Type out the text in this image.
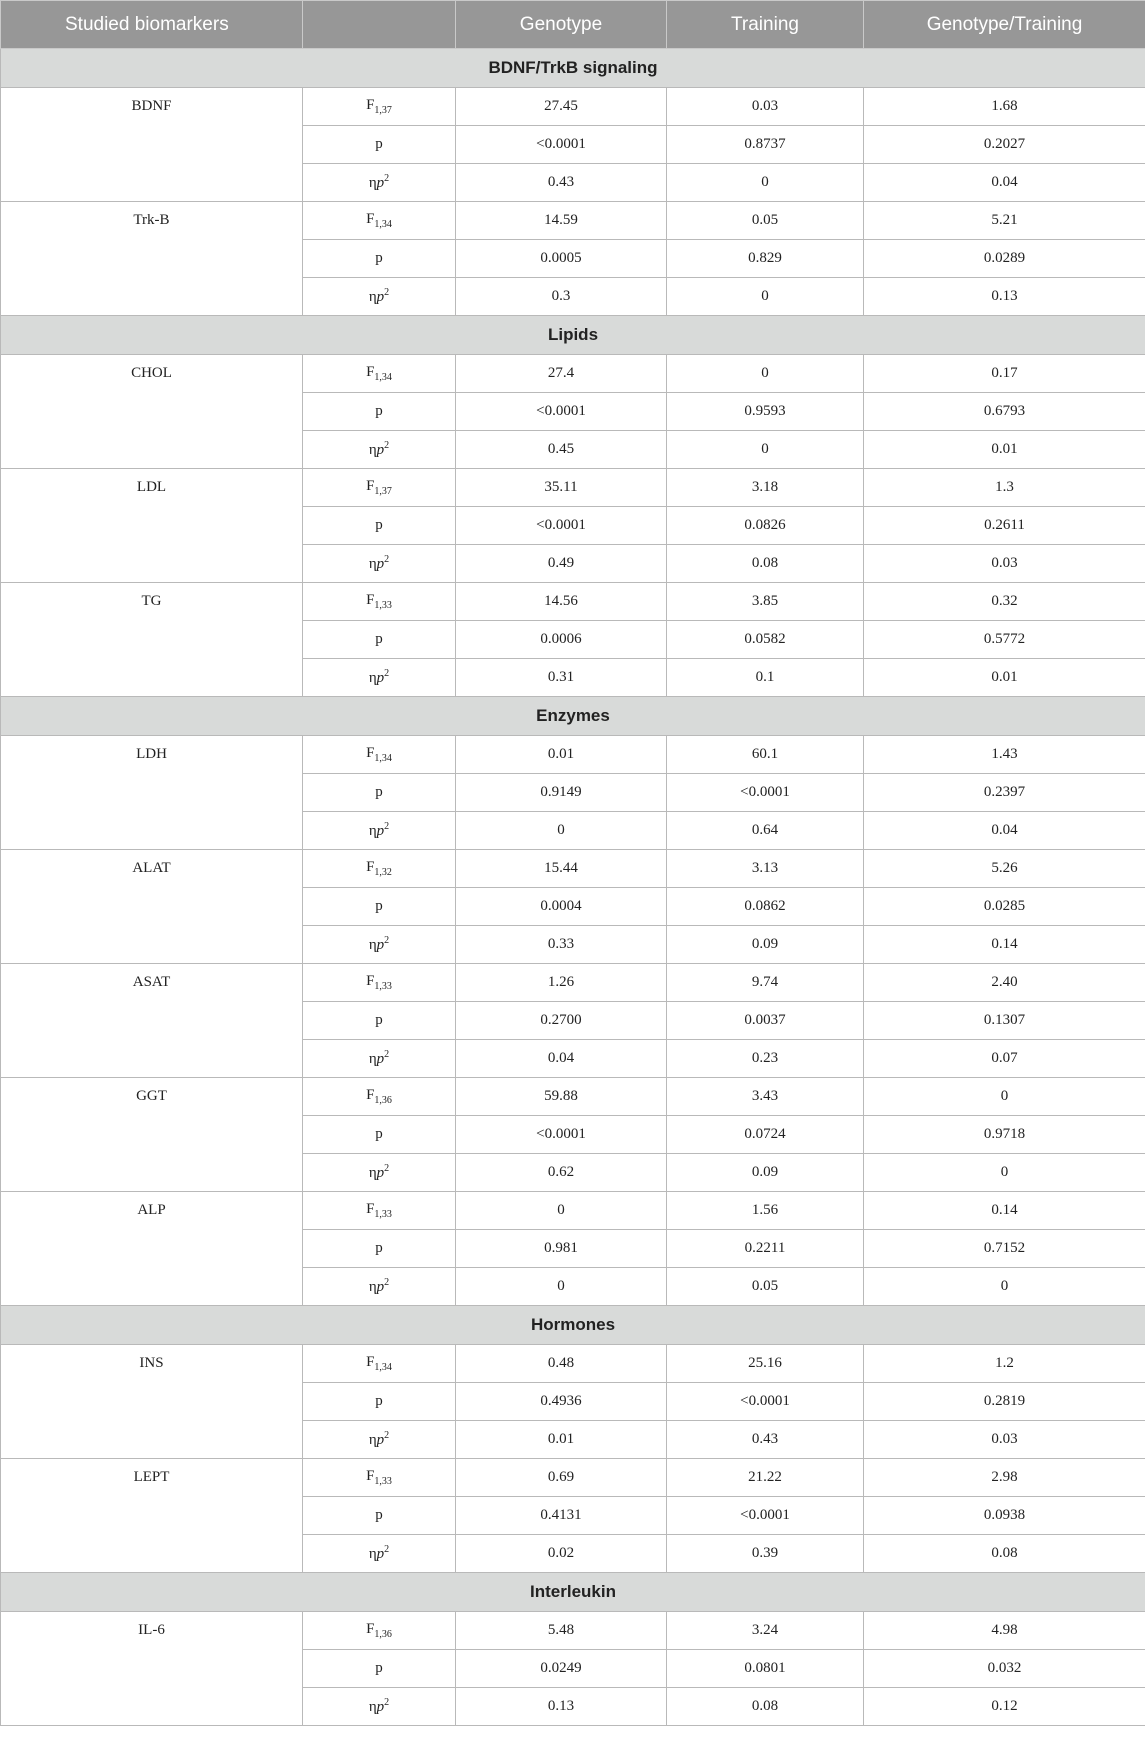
Studied biomarkers		Genotype	Training	Genotype/Training
BDNF/TrkB signaling				
BDNF	$F_{1,37}$	27.45	0.03	1.68
	p	<0.0001	0.8737	0.2027
	$\eta p^2$	0.43	0	0.04
Trk-B	$F_{1,34}$	14.59	0.05	5.21
	p	0.0005	0.829	0.0289
	$\eta p^2$	0.3	0	0.13
Lipids				
CHOL	$F_{1,34}$	27.4	0	0.17
	p	<0.0001	0.9593	0.6793
	$\eta p^2$	0.45	0	0.01
LDL	$F_{1,37}$	35.11	3.18	1.3
	p	<0.0001	0.0826	0.2611
	$\eta p^2$	0.49	0.08	0.03
TG	$F_{1,33}$	14.56	3.85	0.32
	p	0.0006	0.0582	0.5772
	$\eta p^2$	0.31	0.1	0.01
Enzymes				
LDH	$F_{1,34}$	0.01	60.1	1.43
	p	0.9149	<0.0001	0.2397
	$\eta p^2$	0	0.64	0.04
ALAT	$F_{1,32}$	15.44	3.13	5.26
	p	0.0004	0.0862	0.0285
	$\eta p^2$	0.33	0.09	0.14
ASAT	$F_{1,33}$	1.26	9.74	2.40
	p	0.2700	0.0037	0.1307
	$\eta p^2$	0.04	0.23	0.07
GGT	$F_{1,36}$	59.88	3.43	0
	p	<0.0001	0.0724	0.9718
	$\eta p^2$	0.62	0.09	0
ALP	$F_{1,33}$	0	1.56	0.14
	p	0.981	0.2211	0.7152
	$\eta p^2$	0	0.05	0
Hormones				
INS	$F_{1,34}$	0.48	25.16	1.2
	p	0.4936	<0.0001	0.2819
	$\eta p^2$	0.01	0.43	0.03
LEPT	$F_{1,33}$	0.69	21.22	2.98
	p	0.4131	<0.0001	0.0938
	$\eta p^2$	0.02	0.39	0.08
Interleukin				
IL-6	$F_{1,36}$	5.48	3.24	4.98
	p	0.0249	0.0801	0.032
	$\eta p^2$	0.13	0.08	0.12
